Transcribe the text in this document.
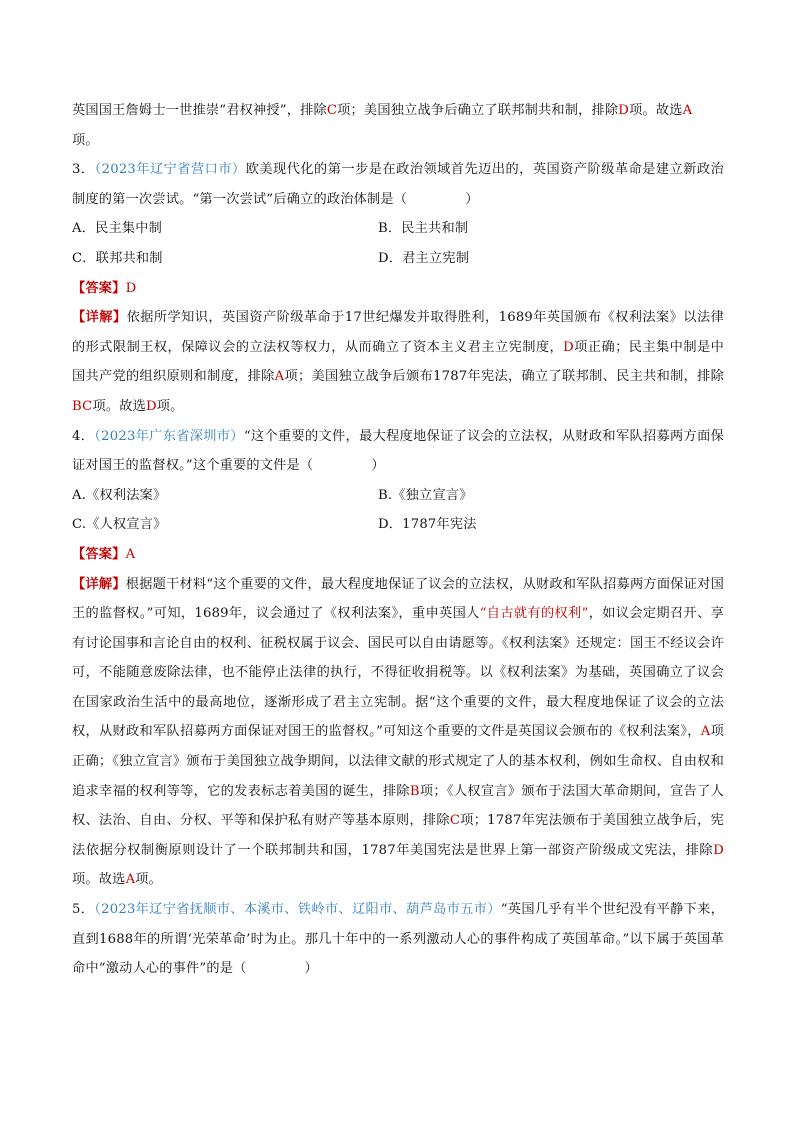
英国国王詹姆士一世推崇“君权神授”，排除C项；美国独立战争后确立了联邦制共和制，排除D项。故选A
项。

3．（2023年辽宁省营口市）欧美现代化的第一步是在政治领域首先迈出的，英国资产阶级革命是建立新政治制度的第一次尝试。“第一次尝试”后确立的政治体制是（	）

A．民主集中制	B．民主共和制
C．联邦共和制	D．君主立宪制

【答案】D

【详解】依据所学知识，英国资产阶级革命于17世纪爆发并取得胜利，1689年英国颁布《权利法案》以法律的形式限制王权，保障议会的立法权等权力，从而确立了资本主义君主立宪制度，D项正确；民主集中制是中国共产党的组织原则和制度，排除A项；美国独立战争后颁布1787年宪法，确立了联邦制、民主共和制，排除BC项。故选D项。

4．（2023年广东省深圳市）“这个重要的文件，最大程度地保证了议会的立法权，从财政和军队招募两方面保证对国王的监督权。”这个重要的文件是（	）

A.《权利法案》	B.《独立宣言》
C.《人权宣言》	D．1787年宪法

【答案】A

【详解】根据题干材料“这个重要的文件，最大程度地保证了议会的立法权，从财政和军队招募两方面保证对国王的监督权。”可知，1689年，议会通过了《权利法案》，重申英国人“自古就有的权利”，如议会定期召开、享有讨论国事和言论自由的权利、征税权属于议会、国民可以自由请愿等。《权利法案》还规定：国王不经议会许可，不能随意废除法律，也不能停止法律的执行，不得征收捐税等。以《权利法案》为基础，英国确立了议会在国家政治生活中的最高地位，逐渐形成了君主立宪制。据“这个重要的文件，最大程度地保证了议会的立法权，从财政和军队招募两方面保证对国王的监督权。”可知这个重要的文件是英国议会颁布的《权利法案》，A项正确；《独立宣言》颁布于美国独立战争期间，以法律文献的形式规定了人的基本权利，例如生命权、自由权和追求幸福的权利等等，它的发表标志着美国的诞生，排除B项；《人权宣言》颁布于法国大革命期间，宣告了人权、法治、自由、分权、平等和保护私有财产等基本原则，排除C项；1787年宪法颁布于美国独立战争后，宪法依据分权制衡原则设计了一个联邦制共和国，1787年美国宪法是世界上第一部资产阶级成文宪法，排除D项。故选A项。

5．（2023年辽宁省抚顺市、本溪市、铁岭市、辽阳市、葫芦岛市五市）“英国几乎有半个世纪没有平静下来，直到1688年的所谓‘光荣革命’时为止。那几十年中的一系列激动人心的事件构成了英国革命。”以下属于英国革命中“激动人心的事件”的是（	）
